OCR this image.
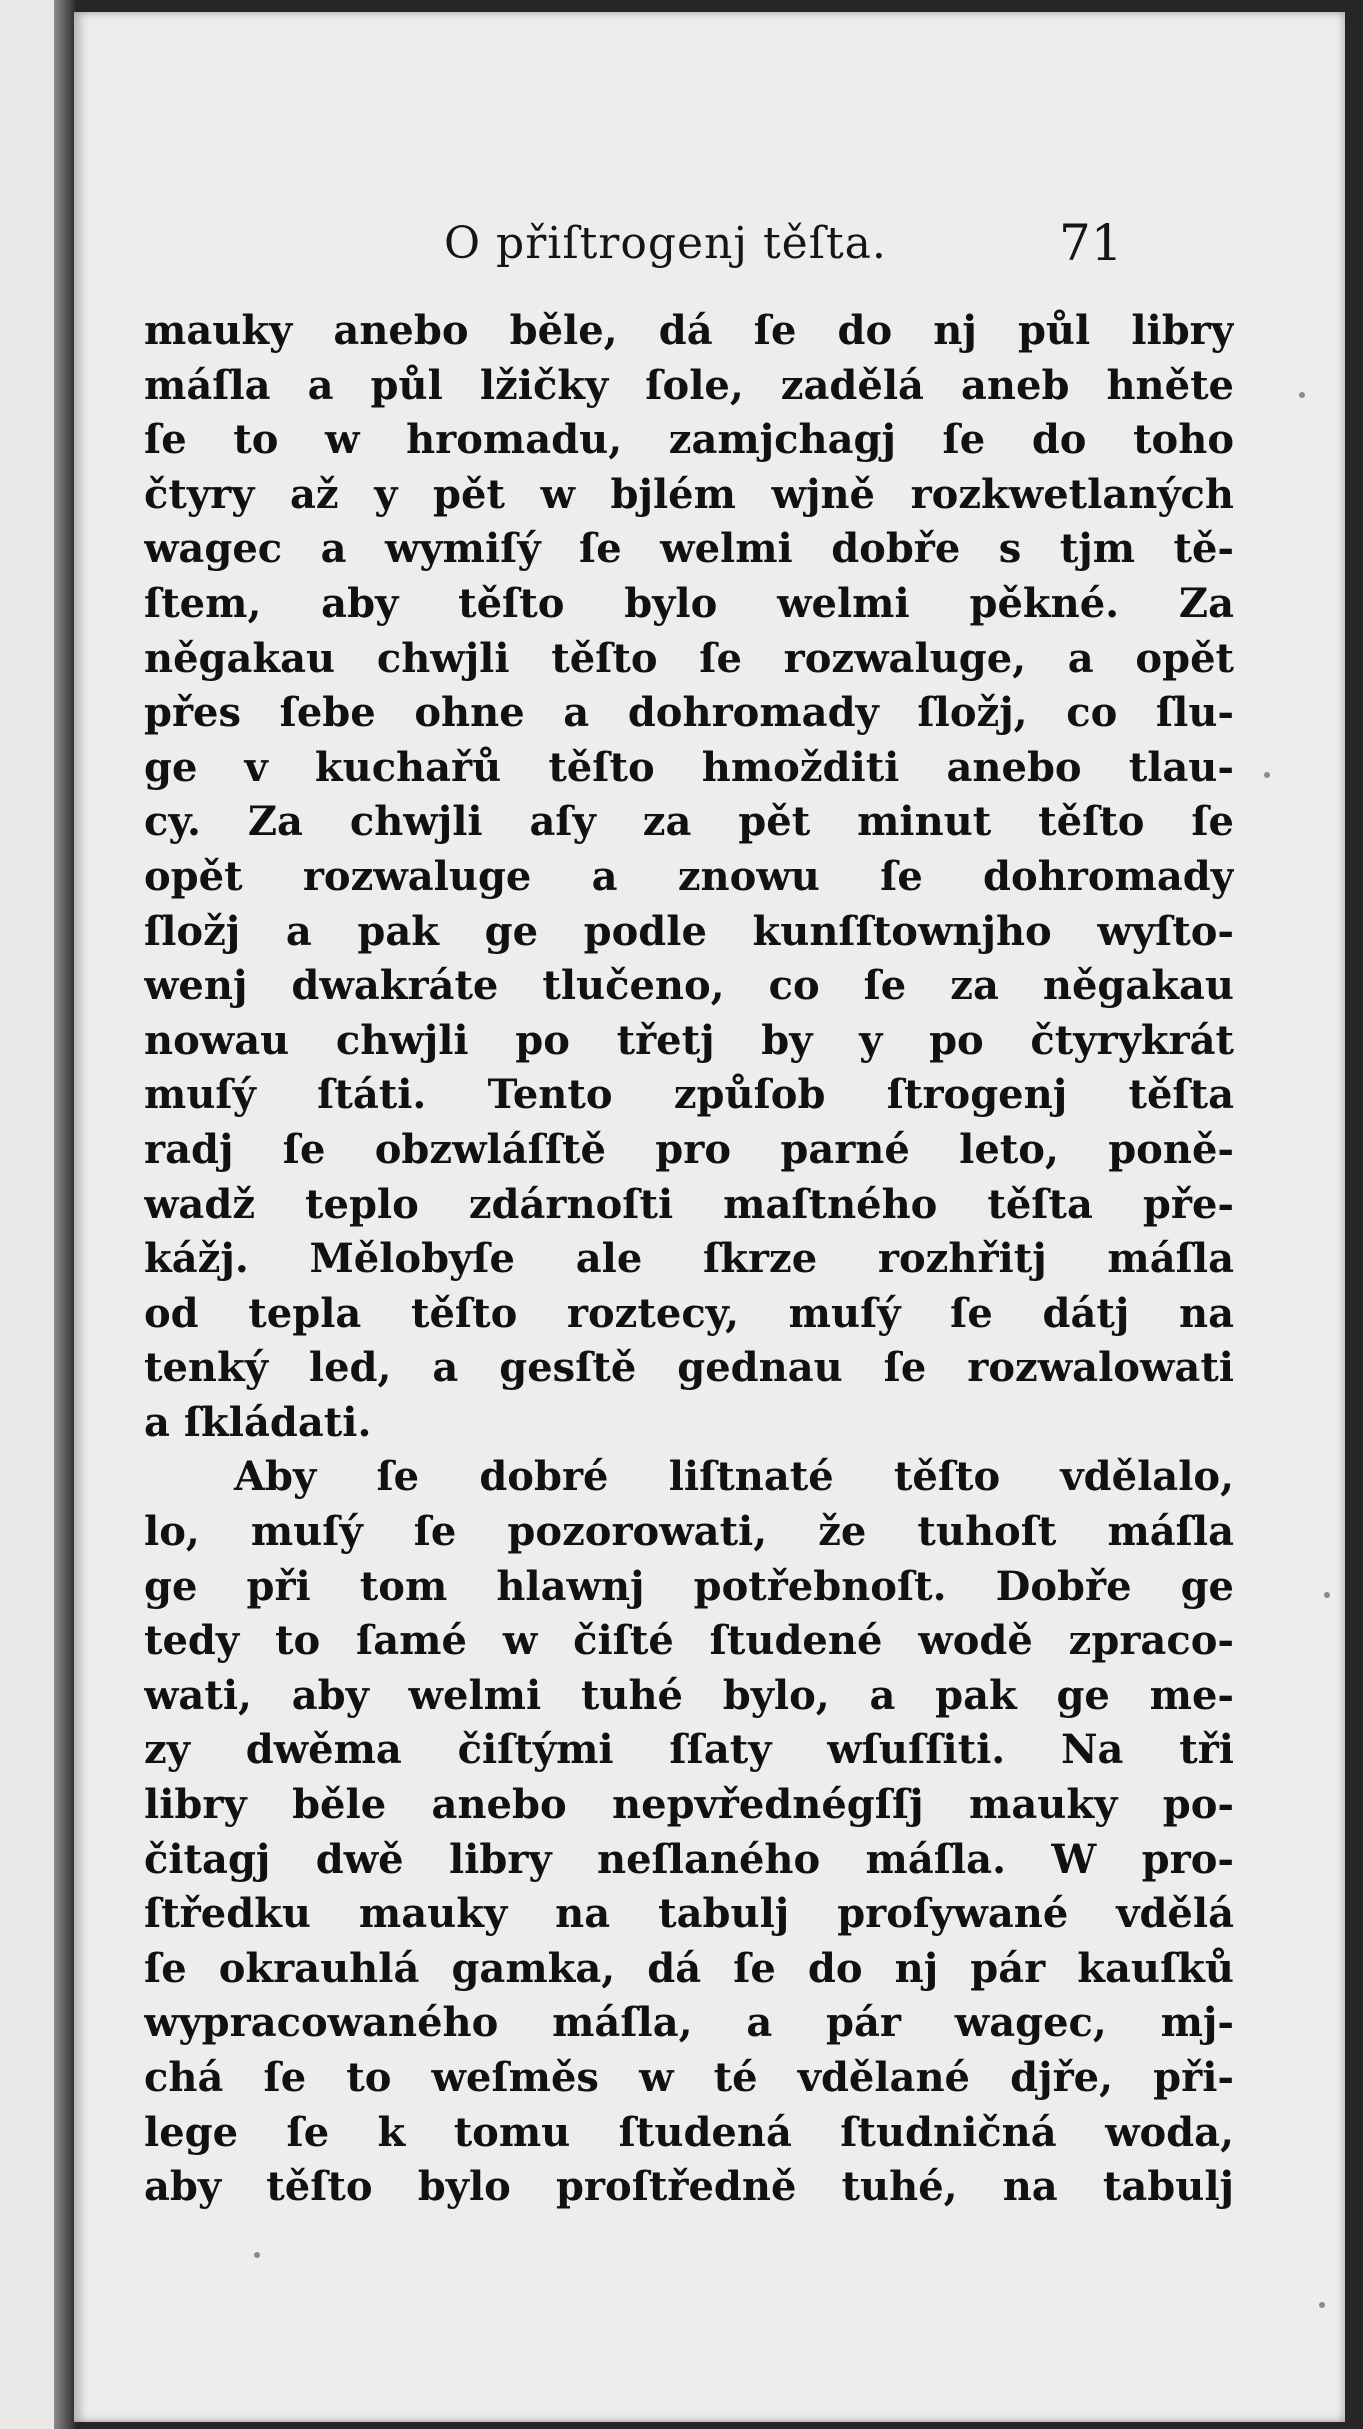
O přiſtrogenj těſta.	71
mauky anebo běle, dá ſe do nj půl libry
máſla a půl lžičky ſole, zadělá aneb hněte
ſe to w hromadu, zamjchagj ſe do toho
čtyry až y pět w bjlém wjně rozkwetlaných
wagec a wymiſý ſe welmi dobře s tjm tě-
ſtem, aby těſto bylo welmi pěkné. Za
něgakau chwjli těſto ſe rozwaluge, a opět
přes ſebe ohne a dohromady ſložj, co ſlu-
ge v kuchařů těſto hmožditi anebo tlau-
cy. Za chwjli aſy za pět minut těſto ſe
opět rozwaluge a znowu ſe dohromady
ſložj a pak ge podle kunſſtownjho wyſto-
wenj dwakráte tlučeno, co ſe za něgakau
nowau chwjli po třetj by y po čtyrykrát
muſý ſtáti. Tento způſob ſtrogenj těſta
radj ſe obzwláſſtě pro parné leto, poně-
wadž teplo zdárnoſti maſtného těſta pře-
kážj. Mělobyſe ale ſkrze rozhřitj máſla
od tepla těſto roztecy, muſý ſe dátj na
tenký led, a gesſtě gednau ſe rozwalowati
a ſkládati.
Aby ſe dobré liſtnaté těſto vdělalo,
lo, muſý ſe pozorowati, že tuhoſt máſla
ge při tom hlawnj potřebnoſt. Dobře ge
tedy to ſamé w čiſté ſtudené wodě zpraco-
wati, aby welmi tuhé bylo, a pak ge me-
zy dwěma čiſtými ſſaty wſuſſiti. Na tři
libry běle anebo nepvřednégſſj mauky po-
čitagj dwě libry neſlaného máſla. W pro-
ſtředku mauky na tabulj proſywané vdělá
ſe okrauhlá gamka, dá ſe do nj pár kauſků
wypracowaného máſla, a pár wagec, mj-
chá ſe to weſměs w té vdělané djře, při-
lege ſe k tomu ſtudená ſtudničná woda,
aby těſto bylo proſtředně tuhé, na tabulj
